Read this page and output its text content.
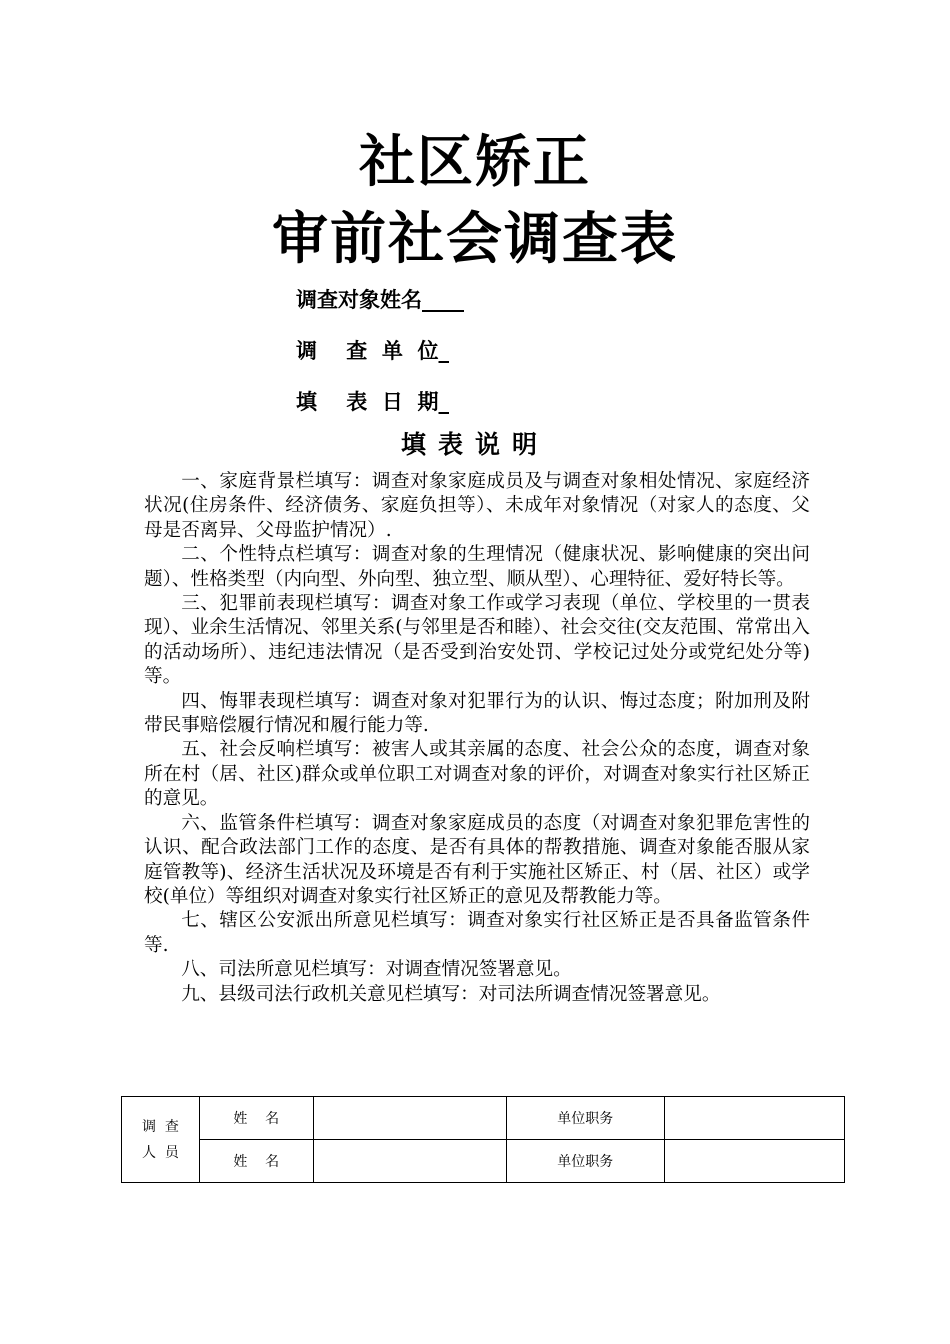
社区矫正
审前社会调查表
调查对象姓名____
调    查  单  位_
填    表  日  期_
填表说明

一、家庭背景栏填写：调查对象家庭成员及与调查对象相处情况、家庭经济状况(住房条件、经济债务、家庭负担等）、未成年对象情况（对家人的态度、父母是否离异、父母监护情况）.

二、个性特点栏填写：调查对象的生理情况（健康状况、影响健康的突出问题）、性格类型（内向型、外向型、独立型、顺从型）、心理特征、爱好特长等。

三、犯罪前表现栏填写：调查对象工作或学习表现（单位、学校里的一贯表现）、业余生活情况、邻里关系(与邻里是否和睦）、社会交往(交友范围、常常出入的活动场所）、违纪违法情况（是否受到治安处罚、学校记过处分或党纪处分等)等。

四、悔罪表现栏填写：调查对象对犯罪行为的认识、悔过态度；附加刑及附带民事赔偿履行情况和履行能力等.

五、社会反响栏填写：被害人或其亲属的态度、社会公众的态度，调查对象所在村（居、社区)群众或单位职工对调查对象的评价，对调查对象实行社区矫正的意见。

六、监管条件栏填写：调查对象家庭成员的态度（对调查对象犯罪危害性的认识、配合政法部门工作的态度、是否有具体的帮教措施、调查对象能否服从家庭管教等)、经济生活状况及环境是否有利于实施社区矫正、村（居、社区）或学校(单位）等组织对调查对象实行社区矫正的意见及帮教能力等。

七、辖区公安派出所意见栏填写：调查对象实行社区矫正是否具备监管条件等.

八、司法所意见栏填写：对调查情况签署意见。

九、县级司法行政机关意见栏填写：对司法所调查情况签署意见。

调  查
人  员	姓    名		单位职务	
	姓    名		单位职务	
